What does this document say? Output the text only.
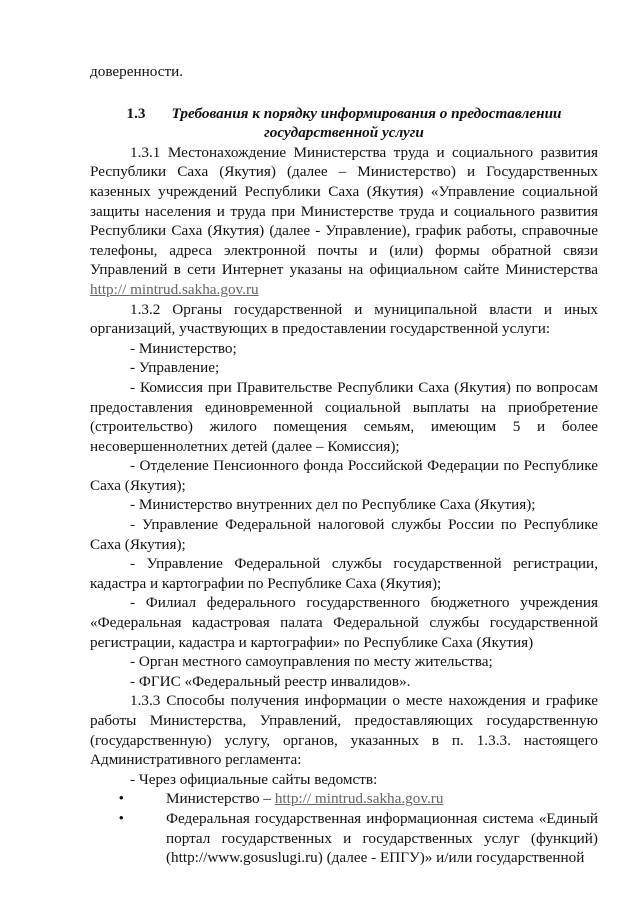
доверенности.

1.3 Требования к порядку информирования о предоставлении государственной услуги

1.3.1 Местонахождение Министерства труда и социального развития Республики Саха (Якутия) (далее – Министерство) и Государственных казенных учреждений Республики Саха (Якутия) «Управление социальной защиты населения и труда при Министерстве труда и социального развития Республики Саха (Якутия) (далее - Управление), график работы, справочные телефоны, адреса электронной почты и (или) формы обратной связи Управлений в сети Интернет указаны на официальном сайте Министерства http:// mintrud.sakha.gov.ru

1.3.2 Органы государственной и муниципальной власти и иных организаций, участвующих в предоставлении государственной услуги:

- Министерство;

- Управление;

- Комиссия при Правительстве Республики Саха (Якутия) по вопросам предоставления единовременной социальной выплаты на приобретение (строительство) жилого помещения семьям, имеющим 5 и более несовершеннолетних детей (далее – Комиссия);

- Отделение Пенсионного фонда Российской Федерации по Республике Саха (Якутия);

- Министерство внутренних дел по Республике Саха (Якутия);

- Управление Федеральной налоговой службы России по Республике Саха (Якутия);

- Управление Федеральной службы государственной регистрации, кадастра и картографии по Республике Саха (Якутия);

- Филиал федерального государственного бюджетного учреждения «Федеральная кадастровая палата Федеральной службы государственной регистрации, кадастра и картографии» по Республике Саха (Якутия)

- Орган местного самоуправления по месту жительства;

- ФГИС «Федеральный реестр инвалидов».

1.3.3 Способы получения информации о месте нахождения и графике работы Министерства, Управлений, предоставляющих государственную (государственную) услугу, органов, указанных в п. 1.3.3. настоящего Административного регламента:

- Через официальные сайты ведомств:

•	Министерство – http:// mintrud.sakha.gov.ru
•	Федеральная государственная информационная система «Единый портал государственных и государственных услуг (функций) (http://www.gosuslugi.ru) (далее - ЕПГУ)» и/или государственной
